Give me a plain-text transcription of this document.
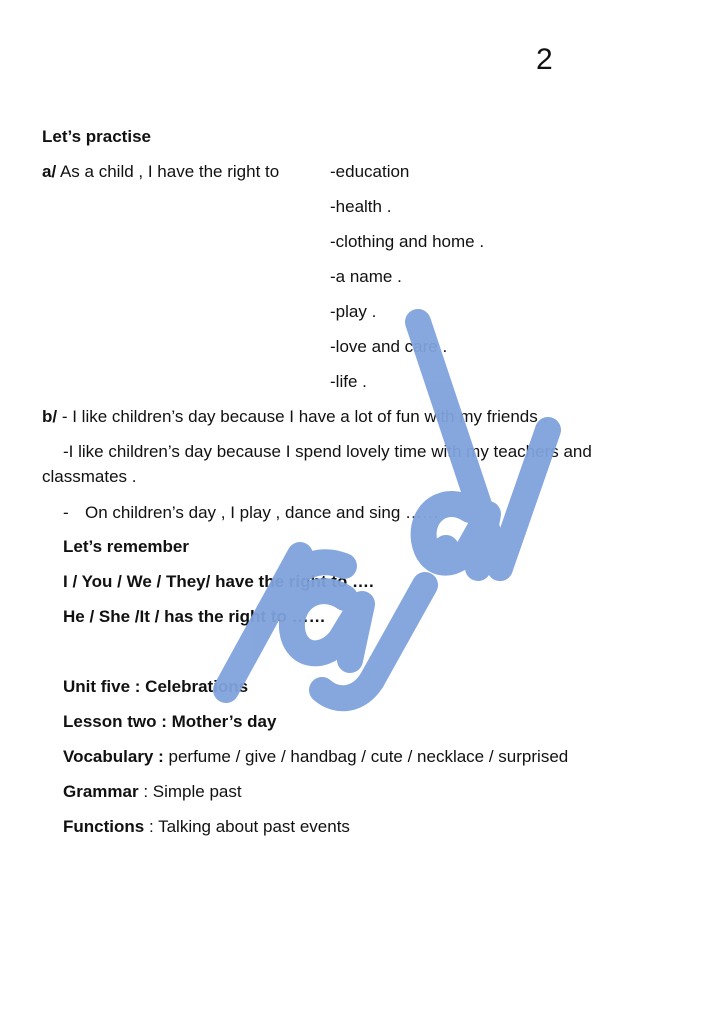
2
Let’s practise
a/ As a child , I have the right to	-education
-health .
-clothing and home .
-a name .
-play .
-love and care .
-life .
b/ - I like children’s day because I have a lot of fun with my friends .
-I like children’s day because I spend lovely time with my teachers and
classmates .
- On children’s day , I play , dance and sing ……
Let’s remember
I / You / We / They/ have the right to ….
He / She /It / has the right to ……
Unit five : Celebrations
Lesson two : Mother’s day
Vocabulary : perfume / give / handbag / cute / necklace / surprised
Grammar : Simple past
Functions : Talking about past events
